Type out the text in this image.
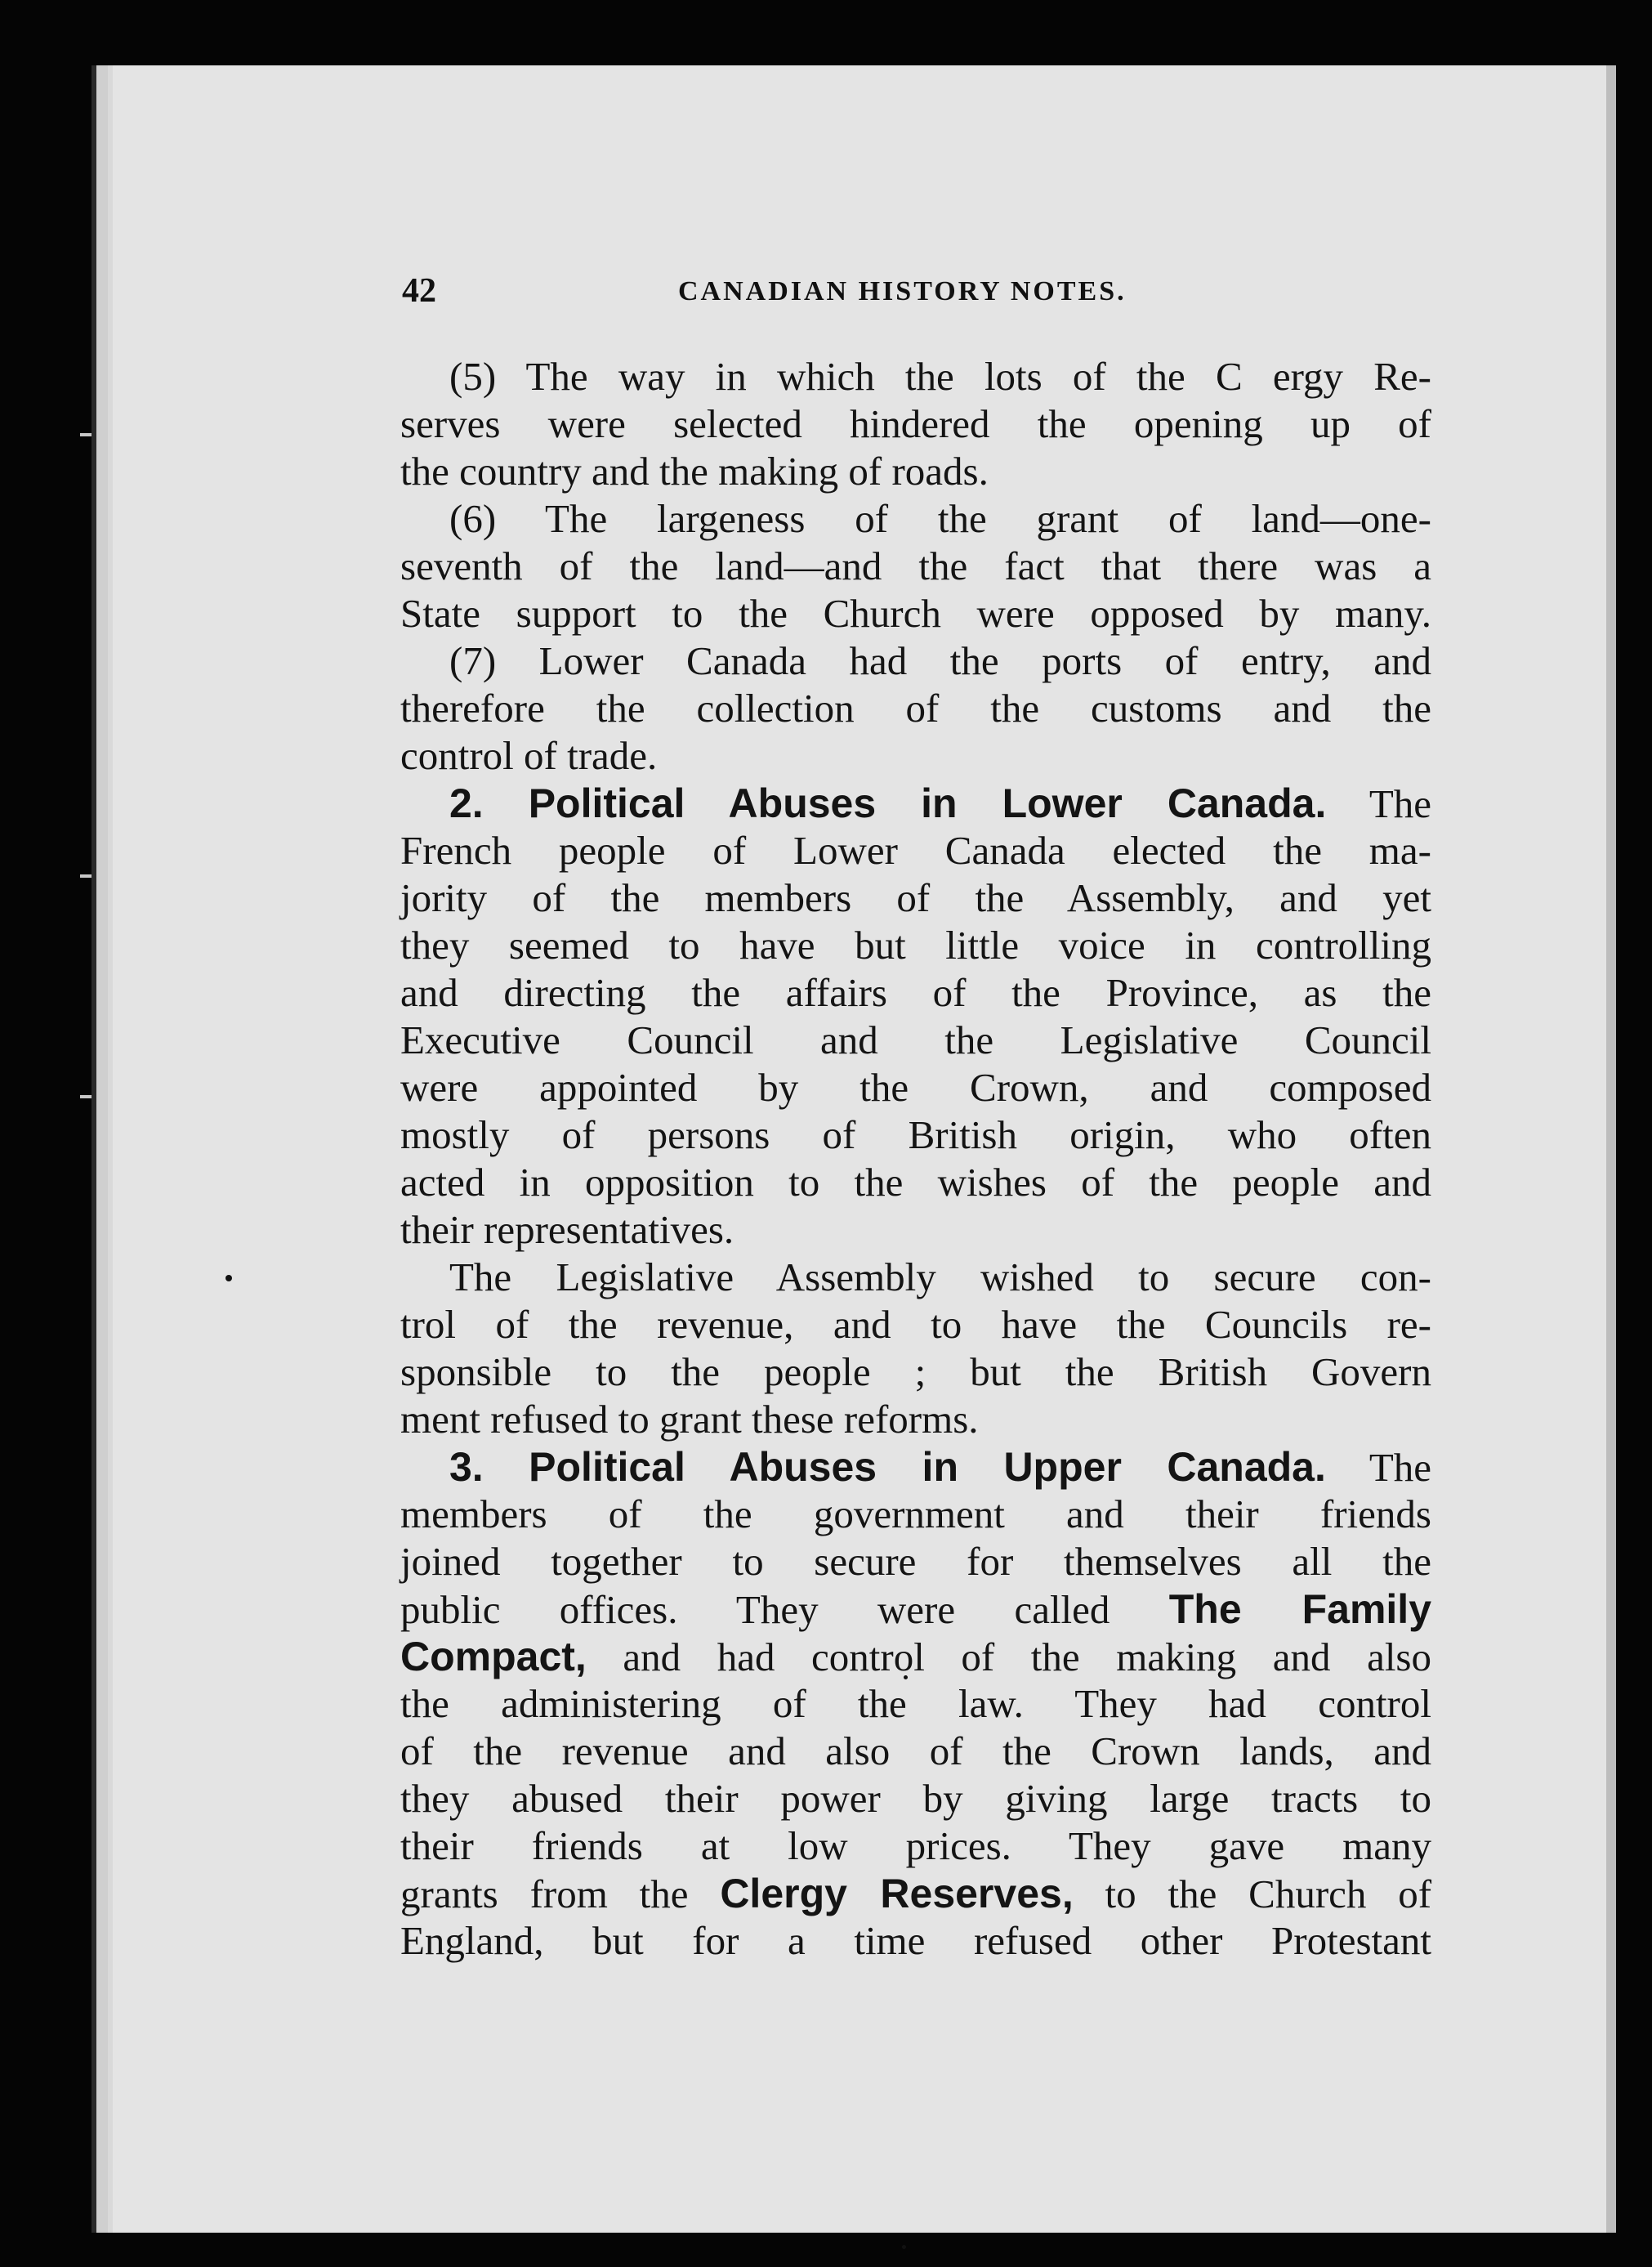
42	CANADIAN HISTORY NOTES.
(5) The way in which the lots of the C ergy Re-
serves were selected hindered the opening up of
the country and the making of roads.
(6) The largeness of the grant of land—one-
seventh of the land—and the fact that there was a
State support to the Church were opposed by many.
(7) Lower Canada had the ports of entry, and
therefore the collection of the customs and the
control of trade.
2. Political Abuses in Lower Canada. The
French people of Lower Canada elected the ma-
jority of the members of the Assembly, and yet
they seemed to have but little voice in controlling
and directing the affairs of the Province, as the
Executive Council and the Legislative Council
were appointed by the Crown, and composed
mostly of persons of British origin, who often
acted in opposition to the wishes of the people and
their representatives.
The Legislative Assembly wished to secure con-
trol of the revenue, and to have the Councils re-
sponsible to the people ; but the British Govern
ment refused to grant these reforms.
3. Political Abuses in Upper Canada. The
members of the government and their friends
joined together to secure for themselves all the
public offices. They were called The Family
Compact, and had control of the making and also
the administering of the law. They had control
of the revenue and also of the Crown lands, and
they abused their power by giving large tracts to
their friends at low prices. They gave many
grants from the Clergy Reserves, to the Church of
England, but for a time refused other Protestant
